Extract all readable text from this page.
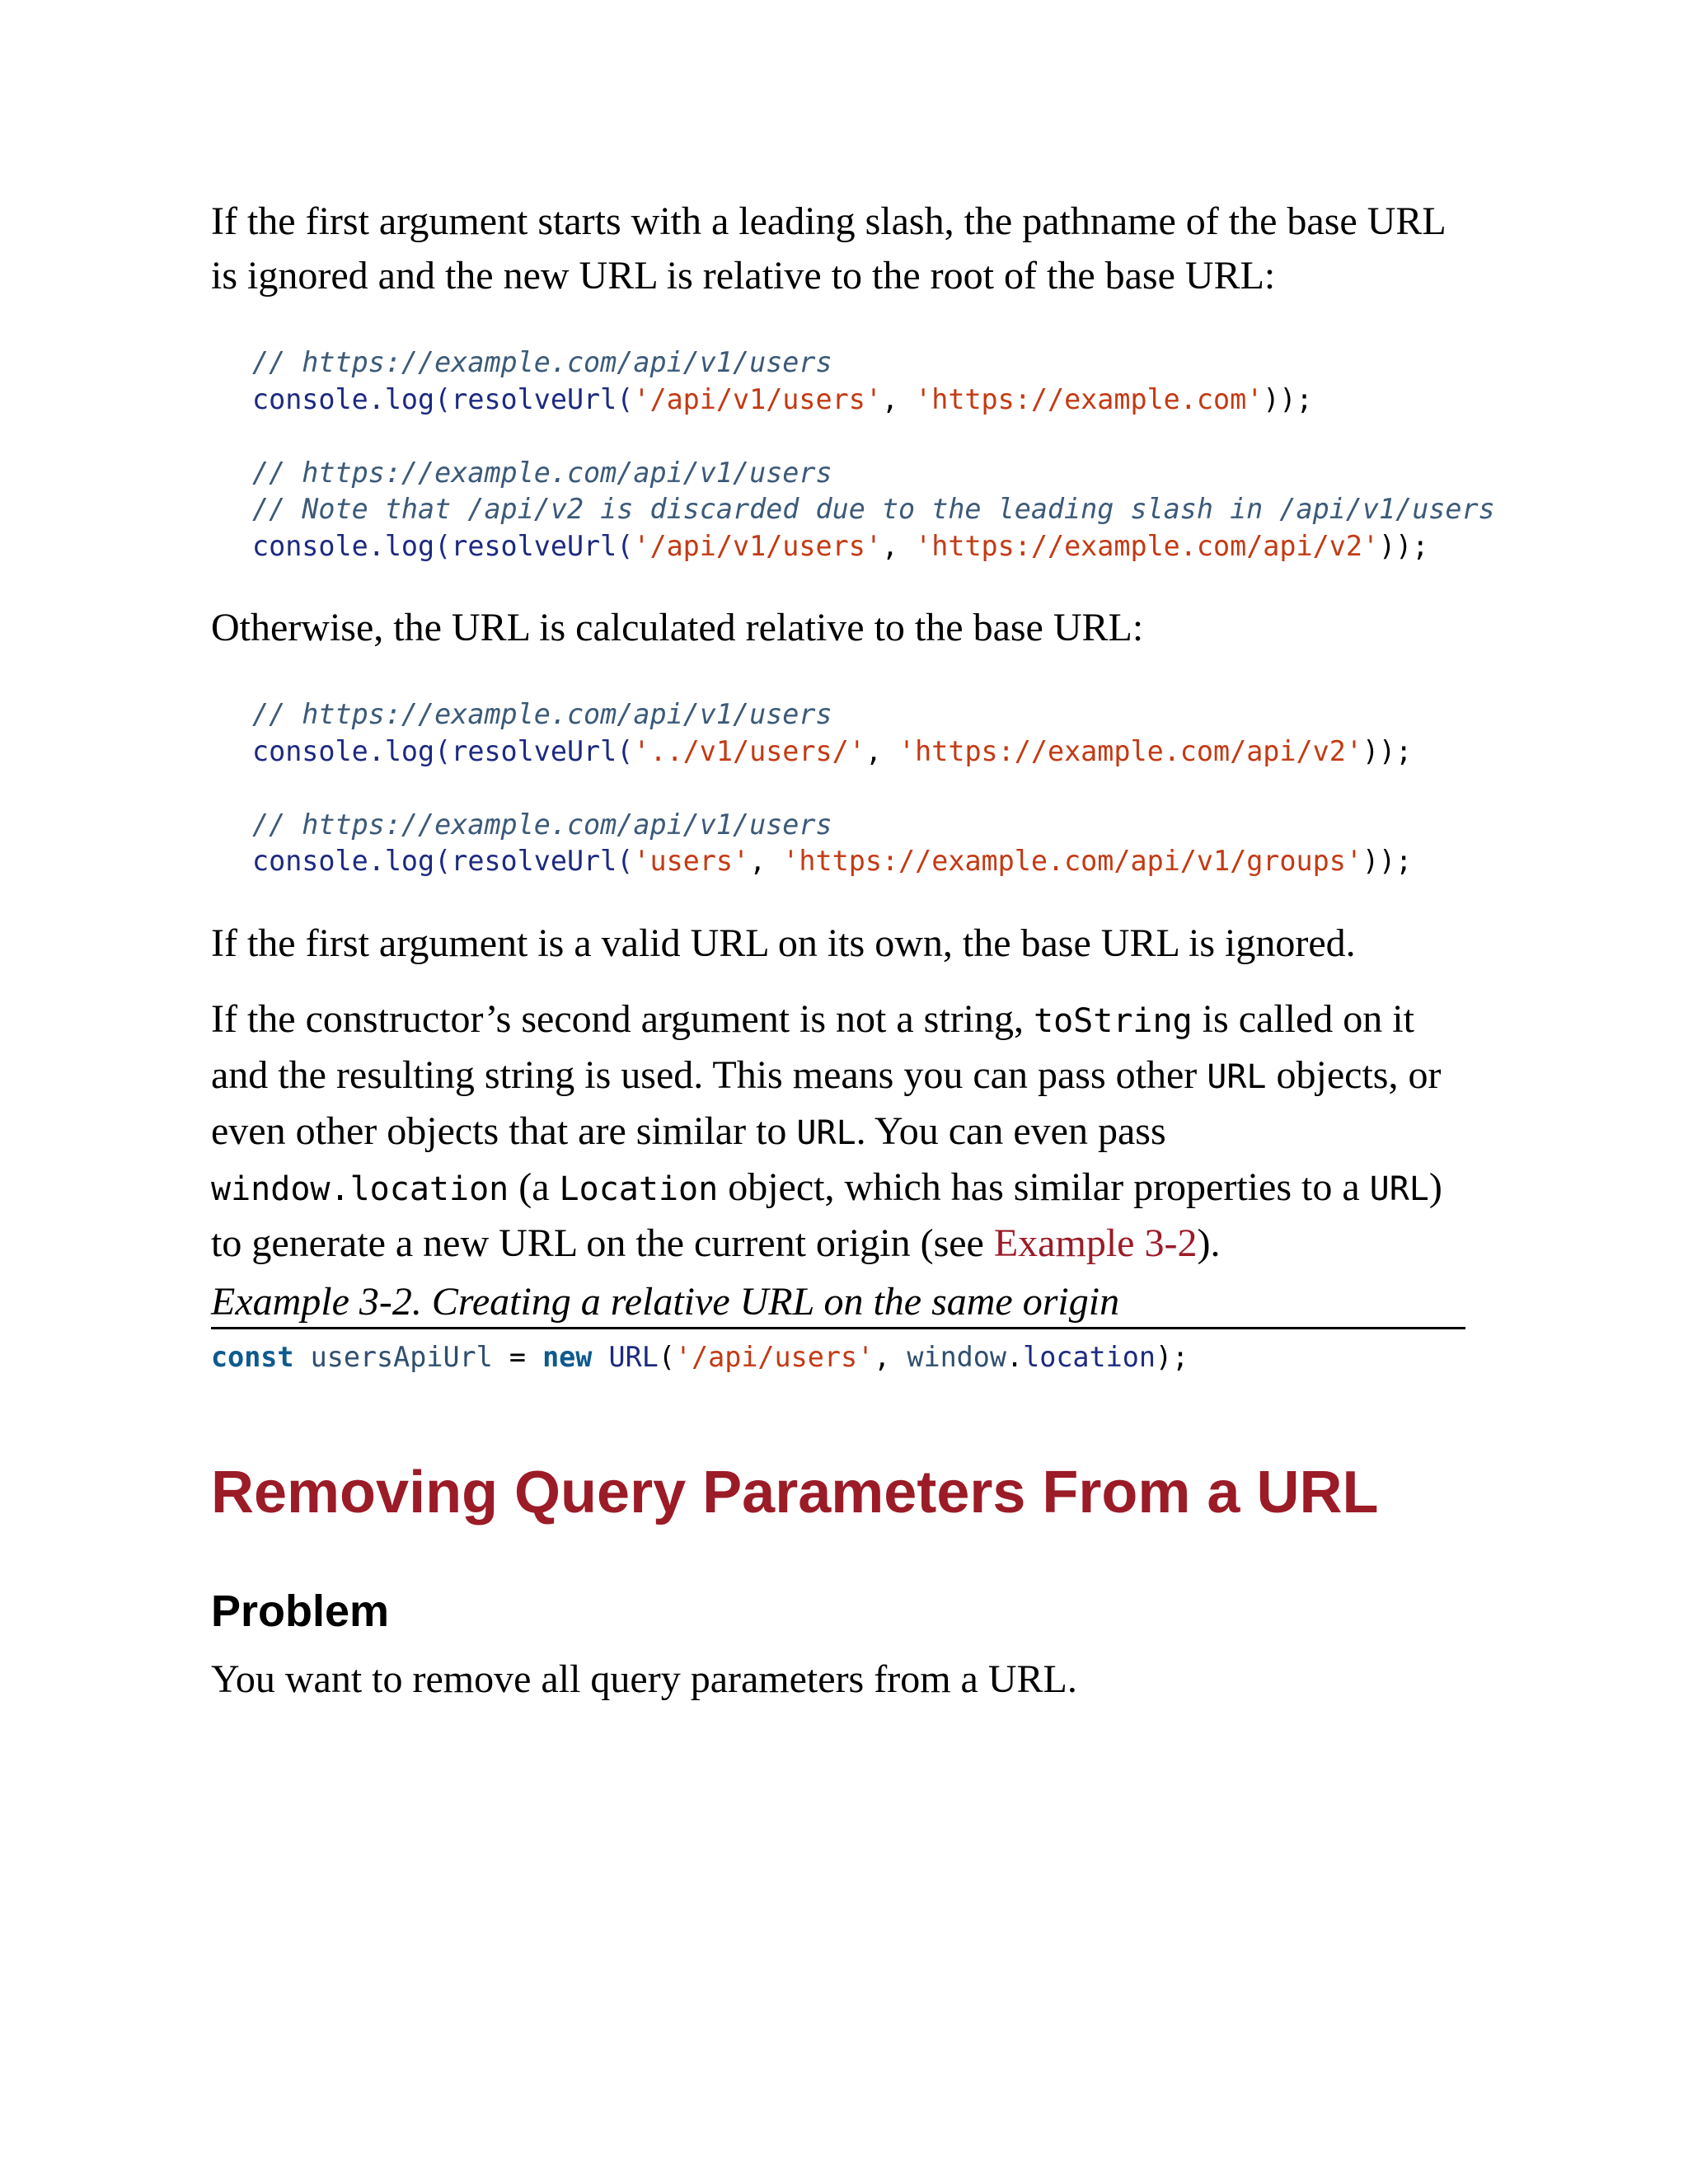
If the first argument starts with a leading slash, the pathname of the base URL is ignored and the new URL is relative to the root of the base URL:

// https://example.com/api/v1/users
console.log(resolveUrl('/api/v1/users', 'https://example.com'));

// https://example.com/api/v1/users
// Note that /api/v2 is discarded due to the leading slash in /api/v1/users
console.log(resolveUrl('/api/v1/users', 'https://example.com/api/v2'));

Otherwise, the URL is calculated relative to the base URL:

// https://example.com/api/v1/users
console.log(resolveUrl('../v1/users/', 'https://example.com/api/v2'));

// https://example.com/api/v1/users
console.log(resolveUrl('users', 'https://example.com/api/v1/groups'));

If the first argument is a valid URL on its own, the base URL is ignored.

If the constructor’s second argument is not a string, toString is called on it and the resulting string is used. This means you can pass other URL objects, or even other objects that are similar to URL. You can even pass window.location (a Location object, which has similar properties to a URL) to generate a new URL on the current origin (see Example 3-2).

Example 3-2. Creating a relative URL on the same origin
const usersApiUrl = new URL('/api/users', window.location);
Removing Query Parameters From a URL
Problem

You want to remove all query parameters from a URL.
